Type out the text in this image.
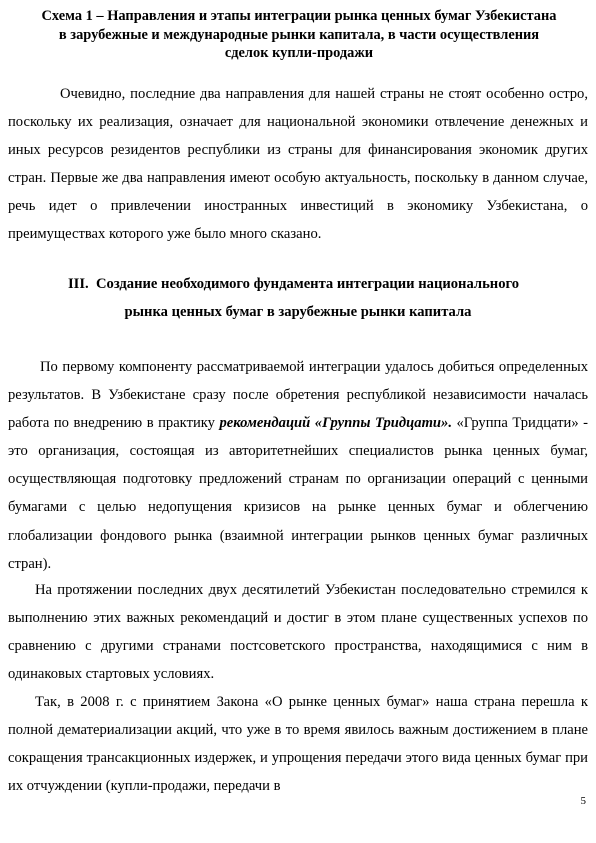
Схема 1 – Направления и этапы интеграции рынка ценных бумаг Узбекистана
в зарубежные и международные рынки капитала, в части осуществления
сделок купли-продажи

Очевидно, последние два направления для нашей страны не стоят особенно остро, поскольку их реализация, означает для национальной экономики отвлечение денежных и иных ресурсов резидентов республики из страны для финансирования экономик других стран. Первые же два направления имеют особую актуальность, поскольку в данном случае, речь идет о привлечении иностранных инвестиций в экономику Узбекистана, о преимуществах которого уже было много сказано.

III. Создание необходимого фундамента интеграции национального
рынка ценных бумаг в зарубежные рынки капитала

По первому компоненту рассматриваемой интеграции удалось добиться определенных результатов. В Узбекистане сразу после обретения республикой независимости началась работа по внедрению в практику рекомендаций «Группы Тридцати». «Группа Тридцати» - это организация, состоящая из авторитетнейших специалистов рынка ценных бумаг, осуществляющая подготовку предложений странам по организации операций с ценными бумагами с целью недопущения кризисов на рынке ценных бумаг и облегчению глобализации фондового рынка (взаимной интеграции рынков ценных бумаг различных стран).

На протяжении последних двух десятилетий Узбекистан последовательно стремился к выполнению этих важных рекомендаций и достиг в этом плане существенных успехов по сравнению с другими странами постсоветского пространства, находящимися с ним в одинаковых стартовых условиях.

Так, в 2008 г. с принятием Закона «О рынке ценных бумаг» наша страна перешла к полной дематериализации акций, что уже в то время явилось важным достижением в плане сокращения трансакционных издержек, и упрощения передачи этого вида ценных бумаг при их отчуждении (купли-продажи, передачи в

5
